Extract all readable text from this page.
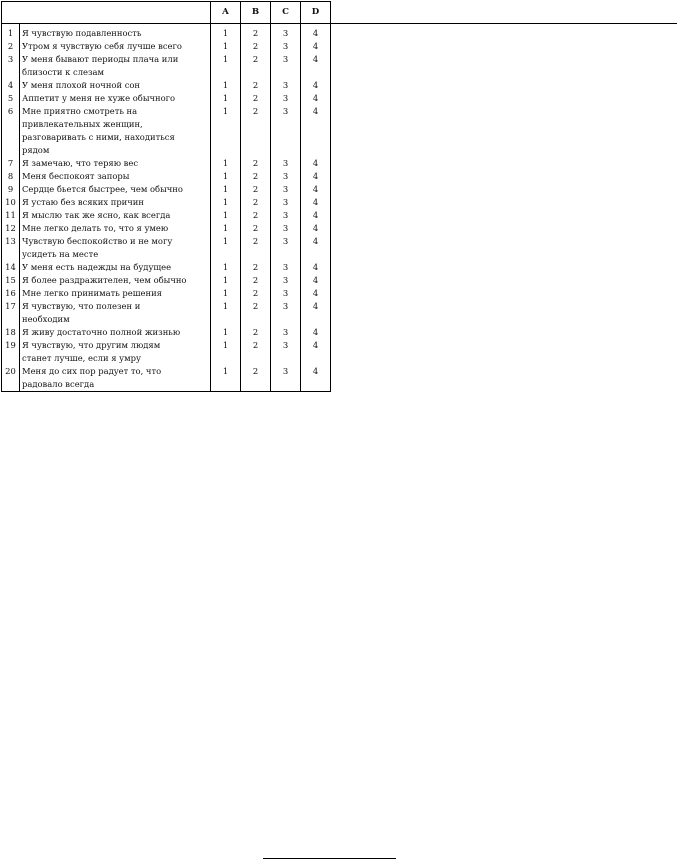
		A	B	C	D
1	Я чувствую подавленность	1	2	3	4
2	Утром я чувствую себя лучше всего	1	2	3	4
3	У меня бывают периоды плача или
близости к слезам	1	2	3	4
4	У меня плохой ночной сон	1	2	3	4
5	Аппетит у меня не хуже обычного	1	2	3	4
6	Мне приятно смотреть на
привлекательных женщин,
разговаривать с ними, находиться
рядом	1	2	3	4
7	Я замечаю, что теряю вес	1	2	3	4
8	Меня беспокоят запоры	1	2	3	4
9	Сердце бьется быстрее, чем обычно	1	2	3	4
10	Я устаю без всяких причин	1	2	3	4
11	Я мыслю так же ясно, как всегда	1	2	3	4
12	Мне легко делать то, что я умею	1	2	3	4
13	Чувствую беспокойство и не могу
усидеть на месте	1	2	3	4
14	У меня есть надежды на будущее	1	2	3	4
15	Я более раздражителен, чем обычно	1	2	3	4
16	Мне легко принимать решения	1	2	3	4
17	Я чувствую, что полезен и
необходим	1	2	3	4
18	Я живу достаточно полной жизнью	1	2	3	4
19	Я чувствую, что другим людям
станет лучше, если я умру	1	2	3	4
20	Меня до сих пор радует то, что
радовало всегда	1	2	3	4
